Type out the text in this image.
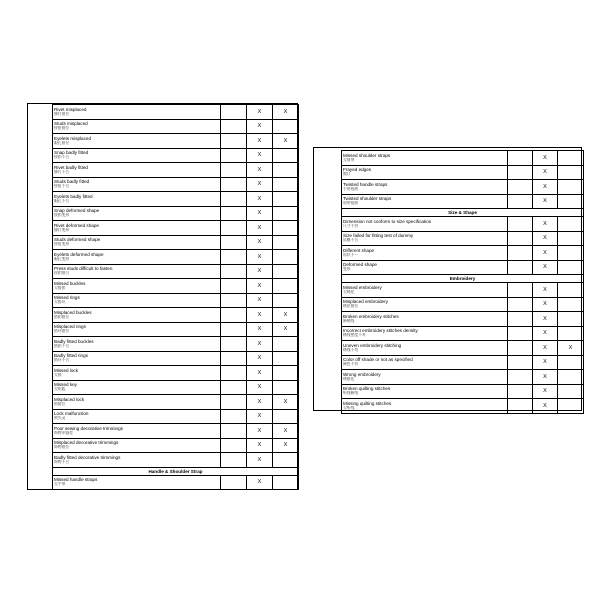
Rivet misplaced
铆钉错位		X	X

Studs misplaced
按钮错位		X	

Eyelets misplaced
眼孔错位		X	X

Snap badly fitted
按扣不合		X	

Rivet badly fitted
铆钉不合		X	

Studs badly fitted
按钮不合		X	

Eyelets badly fitted
眼孔不合		X	

Snap deformed shape
按扣变形		X	

Rivet deformed shape
铆钉变形		X	

Studs deformed shape
按钮变形		X	

Eyelets deformed shape
眼孔变形		X	

Press studs difficult to fasten
按扣难合		X	

Missed buckles
欠搭扣		X	

Missed rings
欠搭环		X	

Misplaced buckles
搭扣错位		X	X

Misplaced rings
搭环错位		X	X

Badly fitted buckles
搭扣不合		X	

Badly fitted rings
搭环不合		X	

Missed lock
欠锁		X	

Missed key
欠钥匙		X	

Misplaced lock
锁错位		X	X

Lock malfunction
锁失灵		X	

Poor sewing decorative trimmings
饰物车缝差		X	X

Misplaced decorative trimmings
饰物错位		X	X

Badly fitted decorative trimmings
饰物不合		X	
Handle & Shoulder Strap			

Missed handle straps
欠手带		X	
Missed shoulder straps
欠肩带		X	

Frayed edges
散口		X	

Twisted handle straps
手带扭曲		X	

Twisted shoulder straps
肩带扭曲		X	
Size & Shape			

Dimension not conform to size specification
尺寸不符		X	

Size failed for fitting test of dummy
试模不合		X	

Different shape
形状不一		X	

Deformed shape
变形		X	
Embroidery			

Missed embroidery
欠绣花		X	

Misplaced embroidery
绣花错位		X	

Broken embroidery stitches
断绣线		X	

Incorrect embroidery stitches density
绣线密度不对		X	

Uneven embroidery stitching
绣线不均		X	X

Color off shade or not as specified
颜色不符		X	

Wrong embroidery
绣错花		X	

Broken quilting stitches
绗线断线		X	

Missing quilting stitches
欠绗线		X	
